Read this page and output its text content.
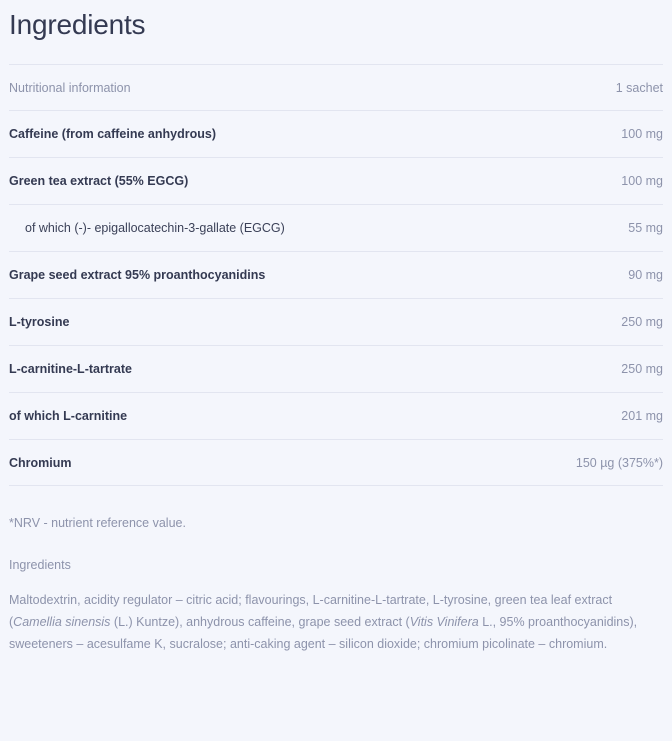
Ingredients
Nutritional information	1 sachet
Caffeine (from caffeine anhydrous)	100 mg
Green tea extract (55% EGCG)	100 mg
of which (-)- epigallocatechin-3-gallate (EGCG)	55 mg
Grape seed extract 95% proanthocyanidins	90 mg
L-tyrosine	250 mg
L-carnitine-L-tartrate	250 mg
of which L-carnitine	201 mg
Chromium	150 µg (375%*)

*NRV - nutrient reference value.

Ingredients

Maltodextrin, acidity regulator – citric acid; flavourings, L-carnitine-L-tartrate, L-tyrosine, green tea leaf extract (Camellia sinensis (L.) Kuntze), anhydrous caffeine, grape seed extract (Vitis Vinifera L., 95% proanthocyanidins), sweeteners – acesulfame K, sucralose; anti-caking agent – silicon dioxide; chromium picolinate – chromium.
